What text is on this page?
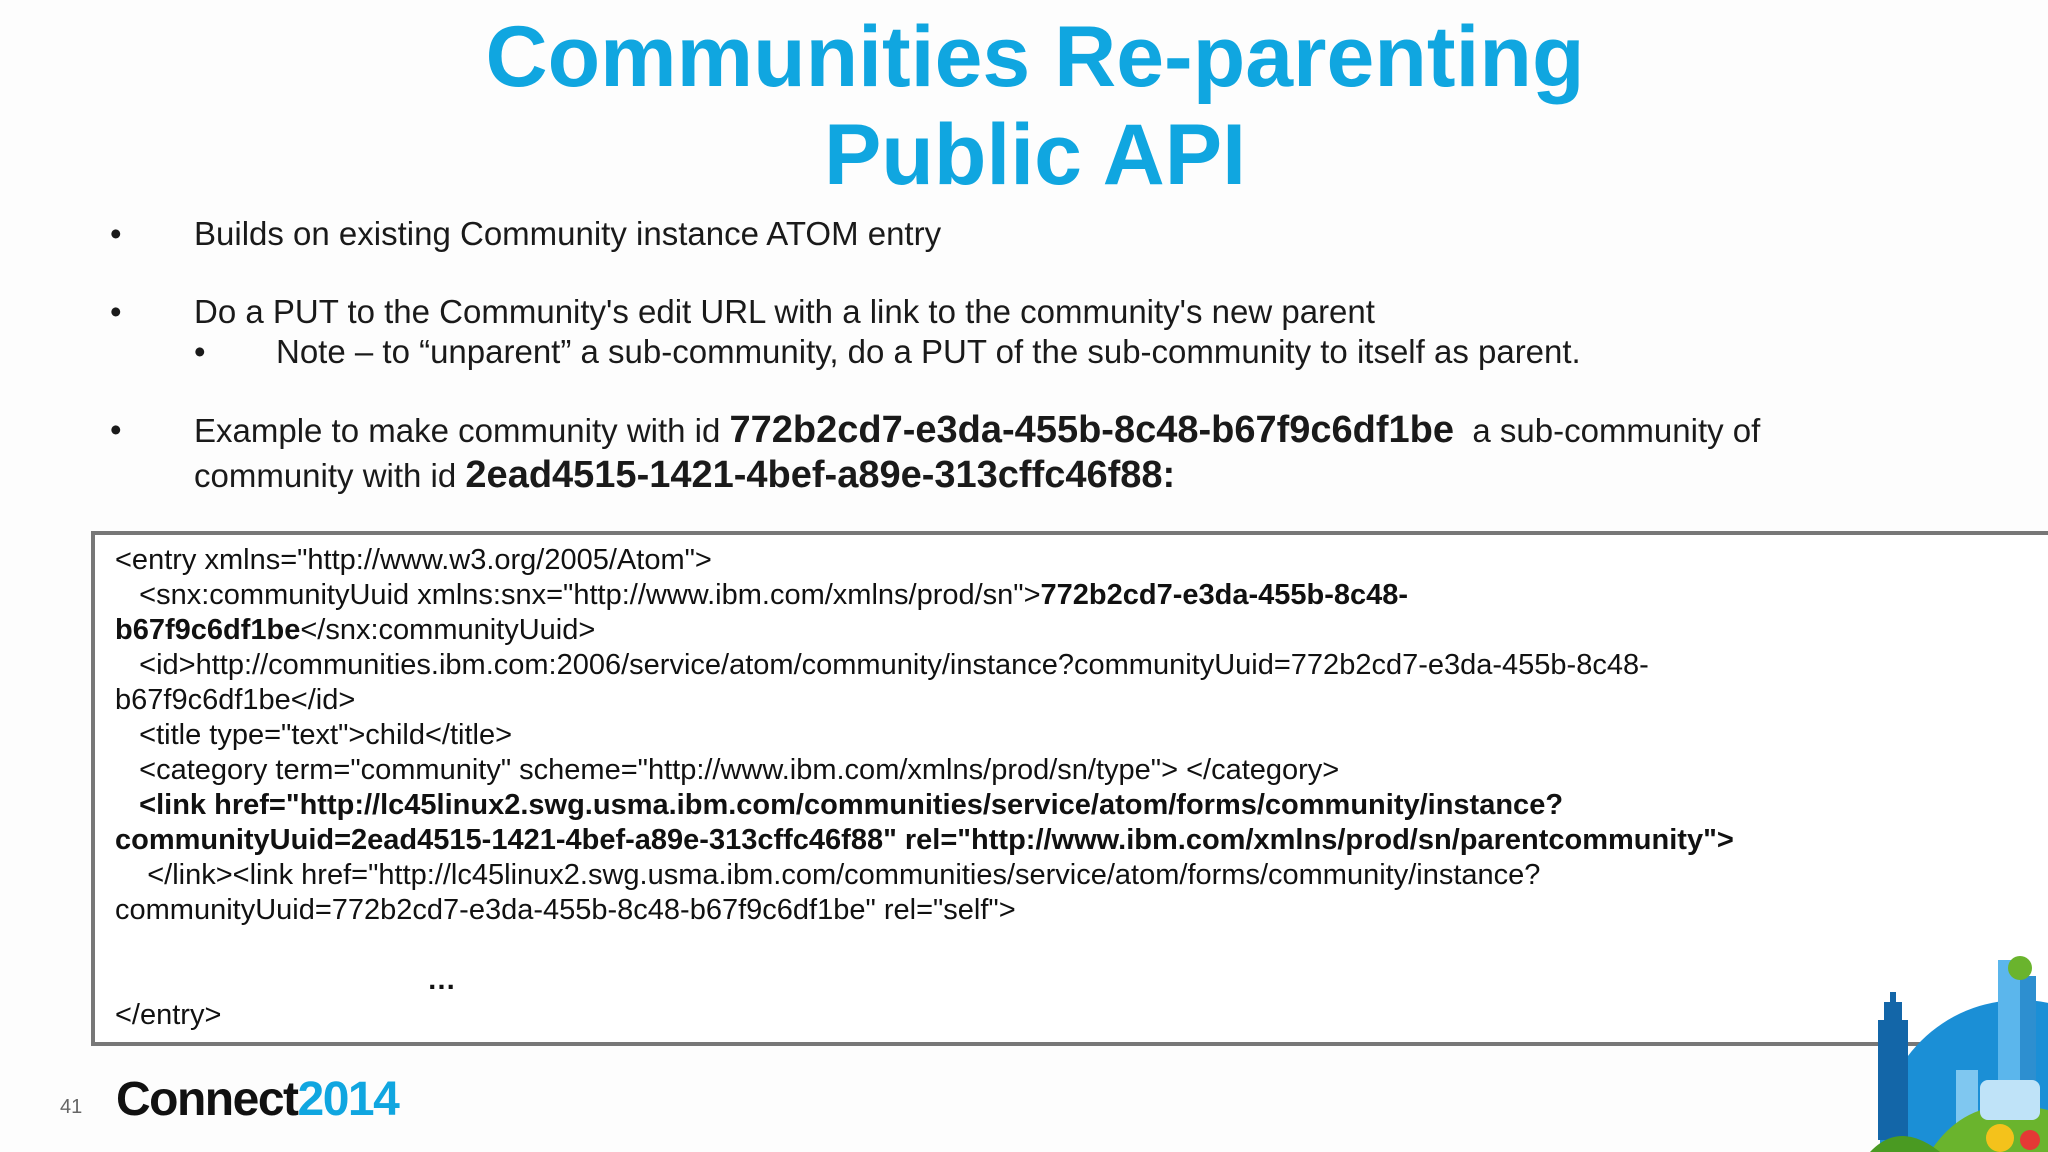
Communities Re-parenting
Public API
• Builds on existing Community instance ATOM entry
• Do a PUT to the Community's edit URL with a link to the community's new parent
• Note – to “unparent” a sub-community, do a PUT of the sub-community to itself as parent.
• Example to make community with id 772b2cd7-e3da-455b-8c48-b67f9c6df1be  a sub-community of
community with id 2ead4515-1421-4bef-a89e-313cffc46f88:
<entry xmlns="http://www.w3.org/2005/Atom">
<snx:communityUuid xmlns:snx="http://www.ibm.com/xmlns/prod/sn">772b2cd7-e3da-455b-8c48-
b67f9c6df1be</snx:communityUuid>
<id>http://communities.ibm.com:2006/service/atom/community/instance?communityUuid=772b2cd7-e3da-455b-8c48-
b67f9c6df1be</id>
<title type="text">child</title>
<category term="community" scheme="http://www.ibm.com/xmlns/prod/sn/type"> </category>
<link href="http://lc45linux2.swg.usma.ibm.com/communities/service/atom/forms/community/instance?
communityUuid=2ead4515-1421-4bef-a89e-313cffc46f88" rel="http://www.ibm.com/xmlns/prod/sn/parentcommunity">
</link><link href="http://lc45linux2.swg.usma.ibm.com/communities/service/atom/forms/community/instance?
communityUuid=772b2cd7-e3da-455b-8c48-b67f9c6df1be" rel="self">
…
</entry>
41 Connect2014
